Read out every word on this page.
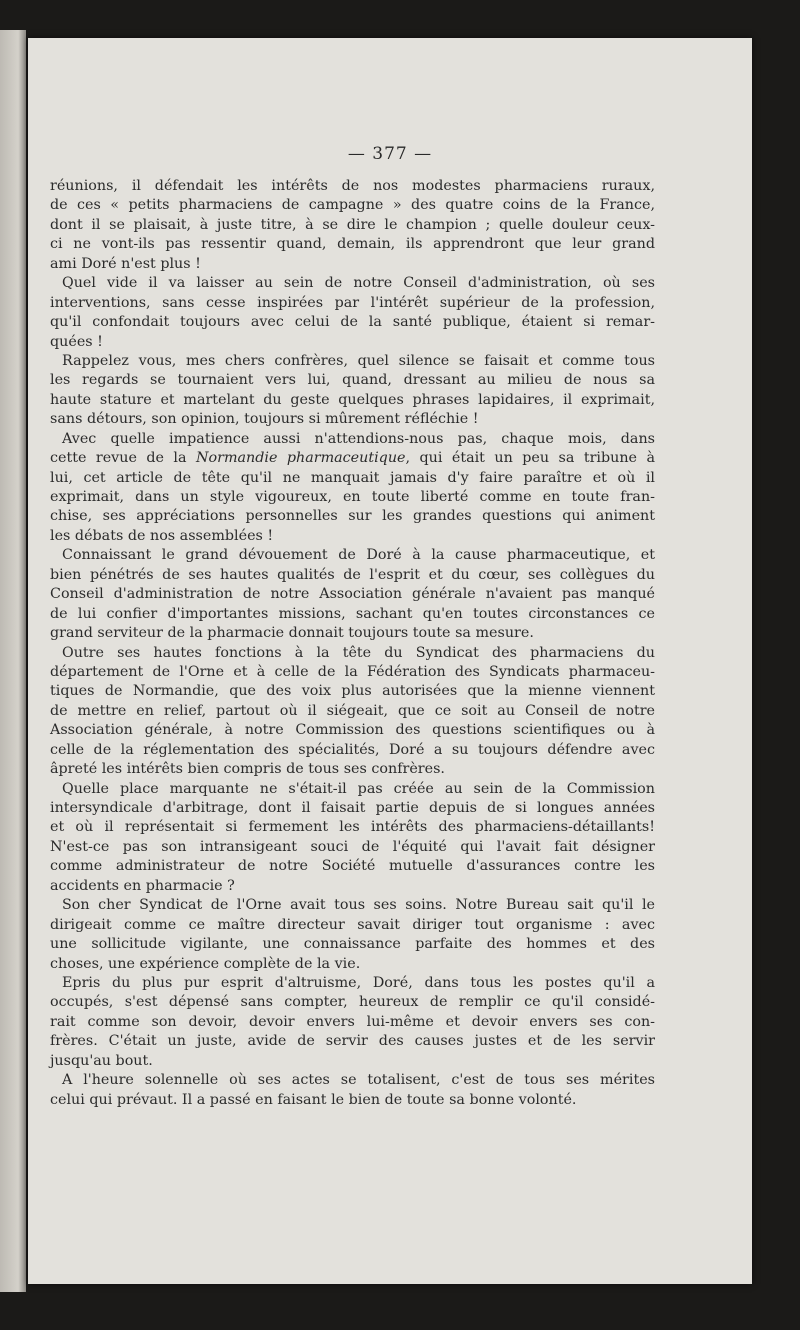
— 377 —
réunions, il défendait les intérêts de nos modestes pharmaciens ruraux,
de ces « petits pharmaciens de campagne » des quatre coins de la France,
dont il se plaisait, à juste titre, à se dire le champion ; quelle douleur ceux-
ci ne vont-ils pas ressentir quand, demain, ils apprendront que leur grand
ami Doré n'est plus !
Quel vide il va laisser au sein de notre Conseil d'administration, où ses
interventions, sans cesse inspirées par l'intérêt supérieur de la profession,
qu'il confondait toujours avec celui de la santé publique, étaient si remar-
quées !
Rappelez vous, mes chers confrères, quel silence se faisait et comme tous
les regards se tournaient vers lui, quand, dressant au milieu de nous sa
haute stature et martelant du geste quelques phrases lapidaires, il exprimait,
sans détours, son opinion, toujours si mûrement réfléchie !
Avec quelle impatience aussi n'attendions-nous pas, chaque mois, dans
cette revue de la Normandie pharmaceutique, qui était un peu sa tribune à
lui, cet article de tête qu'il ne manquait jamais d'y faire paraître et où il
exprimait, dans un style vigoureux, en toute liberté comme en toute fran-
chise, ses appréciations personnelles sur les grandes questions qui animent
les débats de nos assemblées !
Connaissant le grand dévouement de Doré à la cause pharmaceutique, et
bien pénétrés de ses hautes qualités de l'esprit et du cœur, ses collègues du
Conseil d'administration de notre Association générale n'avaient pas manqué
de lui confier d'importantes missions, sachant qu'en toutes circonstances ce
grand serviteur de la pharmacie donnait toujours toute sa mesure.
Outre ses hautes fonctions à la tête du Syndicat des pharmaciens du
département de l'Orne et à celle de la Fédération des Syndicats pharmaceu-
tiques de Normandie, que des voix plus autorisées que la mienne viennent
de mettre en relief, partout où il siégeait, que ce soit au Conseil de notre
Association générale, à notre Commission des questions scientifiques ou à
celle de la réglementation des spécialités, Doré a su toujours défendre avec
âpreté les intérêts bien compris de tous ses confrères.
Quelle place marquante ne s'était-il pas créée au sein de la Commission
intersyndicale d'arbitrage, dont il faisait partie depuis de si longues années
et où il représentait si fermement les intérêts des pharmaciens-détaillants!
N'est-ce pas son intransigeant souci de l'équité qui l'avait fait désigner
comme administrateur de notre Société mutuelle d'assurances contre les
accidents en pharmacie ?
Son cher Syndicat de l'Orne avait tous ses soins. Notre Bureau sait qu'il le
dirigeait comme ce maître directeur savait diriger tout organisme : avec
une sollicitude vigilante, une connaissance parfaite des hommes et des
choses, une expérience complète de la vie.
Epris du plus pur esprit d'altruisme, Doré, dans tous les postes qu'il a
occupés, s'est dépensé sans compter, heureux de remplir ce qu'il considé-
rait comme son devoir, devoir envers lui-même et devoir envers ses con-
frères. C'était un juste, avide de servir des causes justes et de les servir
jusqu'au bout.
A l'heure solennelle où ses actes se totalisent, c'est de tous ses mérites
celui qui prévaut. Il a passé en faisant le bien de toute sa bonne volonté.
